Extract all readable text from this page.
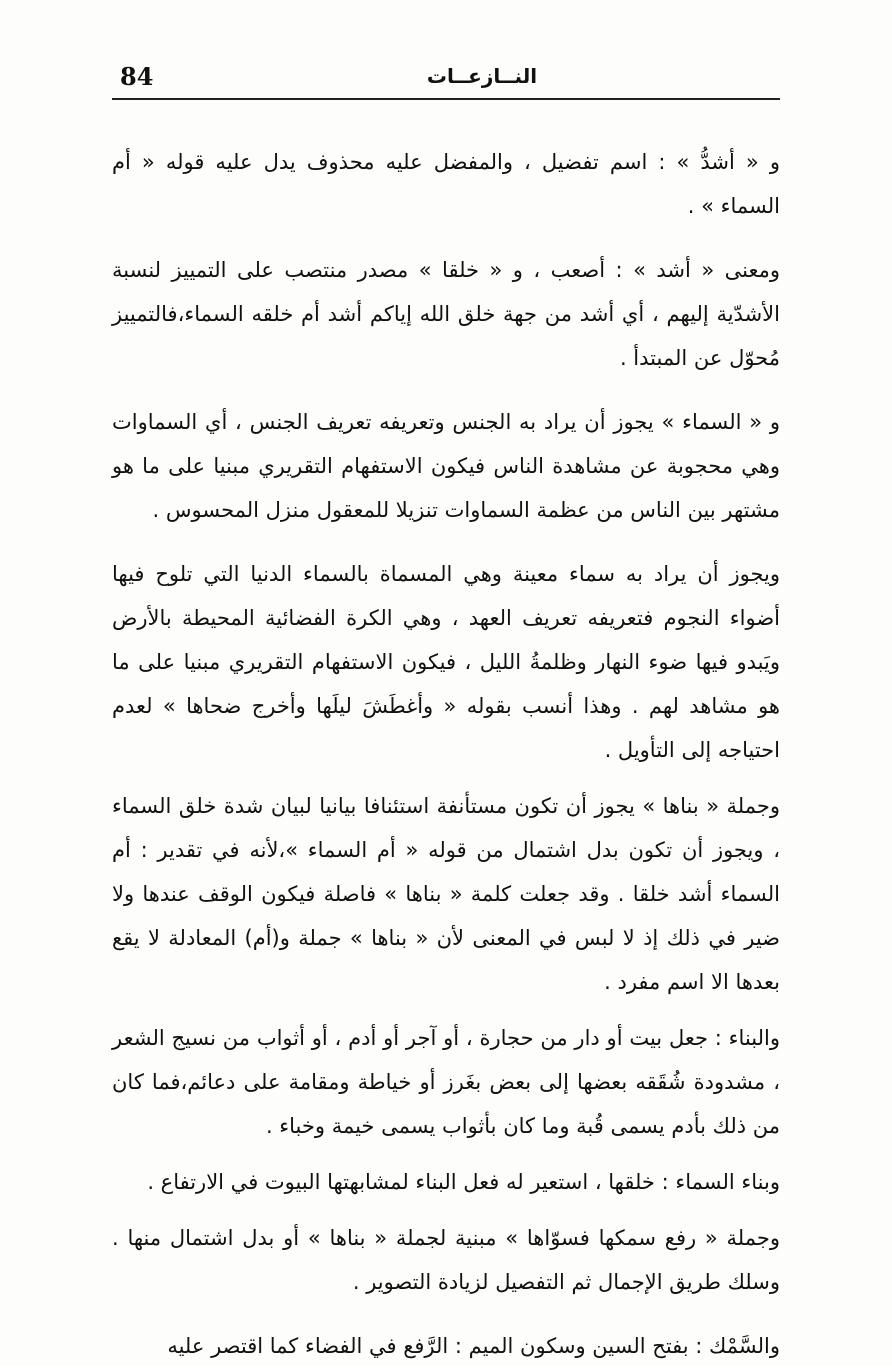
84	النــازعــات

و « أشدُّ » : اسم تفضيل ، والمفضل عليه محذوف يدل عليه قوله « أم السماء » .

ومعنى « أشد » : أصعب ، و « خلقا » مصدر منتصب على التمييز لنسبة الأشدّية إليهم ، أي أشد من جهة خلق الله إياكم أشد أم خلقه السماء،فالتمييز مُحوّل عن المبتدأ .

و « السماء » يجوز أن يراد به الجنس وتعريفه تعريف الجنس ، أي السماوات وهي محجوبة عن مشاهدة الناس فيكون الاستفهام التقريري مبنيا على ما هو مشتهر بين الناس من عظمة السماوات تنزيلا للمعقول منزل المحسوس .

ويجوز أن يراد به سماء معينة وهي المسماة بالسماء الدنيا التي تلوح فيها أضواء النجوم فتعريفه تعريف العهد ، وهي الكرة الفضائية المحيطة بالأرض ويَبدو فيها ضوء النهار وظلمةُ الليل ، فيكون الاستفهام التقريري مبنيا على ما هو مشاهد لهم . وهذا أنسب بقوله « وأغطَشَ ليلَها وأخرج ضحاها » لعدم احتياجه إلى التأويل .

وجملة « بناها » يجوز أن تكون مستأنفة استئنافا بيانيا لبيان شدة خلق السماء ، ويجوز أن تكون بدل اشتمال من قوله « أم السماء »،لأنه في تقدير : أم السماء أشد خلقا . وقد جعلت كلمة « بناها » فاصلة فيكون الوقف عندها ولا ضير في ذلك إذ لا لبس في المعنى لأن « بناها » جملة و(أم) المعادلة لا يقع بعدها الا اسم مفرد .

والبناء : جعل بيت أو دار من حجارة ، أو آجر أو أدم ، أو أثواب من نسيج الشعر ، مشدودة شُقَقه بعضها إلى بعض بغَرز أو خياطة ومقامة على دعائم،فما كان من ذلك بأدم يسمى قُبة وما كان بأثواب يسمى خيمة وخباء .

وبناء السماء : خلقها ، استعير له فعل البناء لمشابهتها البيوت في الارتفاع .

وجملة « رفع سمكها فسوّاها » مبنية لجملة « بناها » أو بدل اشتمال منها . وسلك طريق الإجمال ثم التفصيل لزيادة التصوير .

والسَّمْك : بفتح السين وسكون الميم : الرَّفع في الفضاء كما اقتصر عليه
